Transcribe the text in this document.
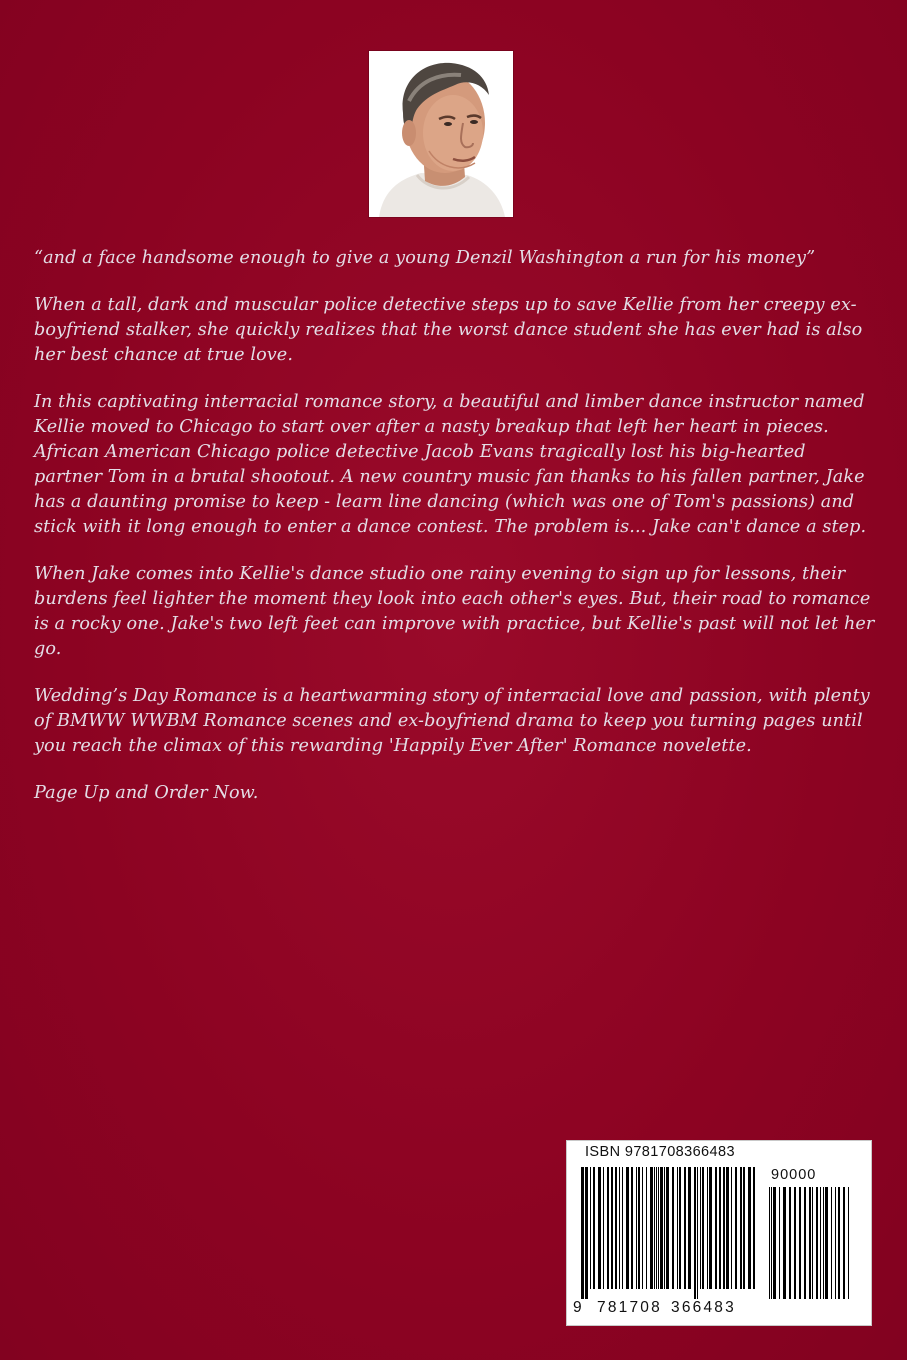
“and a face handsome enough to give a young Denzil Washington a run for his money”

When a tall, dark and muscular police detective steps up to save Kellie from her creepy ex-boyfriend stalker, she quickly realizes that the worst dance student she has ever had is also her best chance at true love.

In this captivating interracial romance story, a beautiful and limber dance instructor named Kellie moved to Chicago to start over after a nasty breakup that left her heart in pieces. African American Chicago police detective Jacob Evans tragically lost his big-hearted partner Tom in a brutal shootout. A new country music fan thanks to his fallen partner, Jake has a daunting promise to keep - learn line dancing (which was one of Tom's passions) and stick with it long enough to enter a dance contest. The problem is... Jake can't dance a step.

When Jake comes into Kellie's dance studio one rainy evening to sign up for lessons, their burdens feel lighter the moment they look into each other's eyes. But, their road to romance is a rocky one. Jake's two left feet can improve with practice, but Kellie's past will not let her go.

Wedding’s Day Romance is a heartwarming story of interracial love and passion, with plenty of BMWW WWBM Romance scenes and ex-boyfriend drama to keep you turning pages until you reach the climax of this rewarding 'Happily Ever After' Romance novelette.

Page Up and Order Now.

ISBN 9781708366483
90000
9 781708 366483
